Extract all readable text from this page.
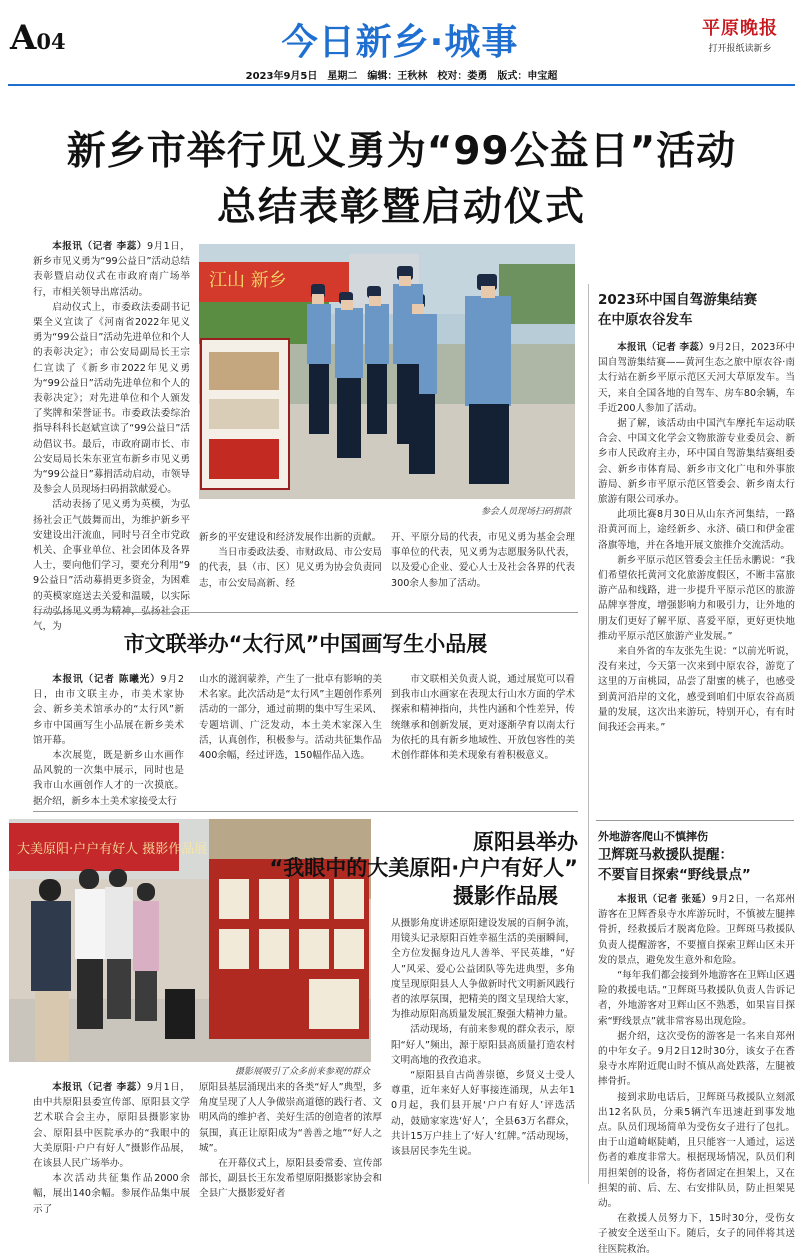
A04	今日新乡·城事	平原晚报
打开报纸读新乡
2023年9月5日　星期二　编辑：王秋林　校对：娄勇　版式：申宝超
新乡市举行见义勇为“99公益日”活动
总结表彰暨启动仪式

本报讯（记者 李蕊）9月1日，新乡市见义勇为“99公益日”活动总结表彰暨启动仪式在市政府南广场举行，市相关领导出席活动。

启动仪式上，市委政法委副书记栗全义宣读了《河南省2022年见义勇为“99公益日”活动先进单位和个人的表彰决定》；市公安局副局长王宗仁宣读了《新乡市2022年见义勇为“99公益日”活动先进单位和个人的表彰决定》；对先进单位和个人颁发了奖牌和荣誉证书。市委政法委综治指导科科长赵斌宣读了“99公益日”活动倡议书。最后，市政府副市长、市公安局局长朱东亚宣布新乡市见义勇为“99公益日”募捐活动启动，市领导及参会人员现场扫码捐款献爱心。

活动表扬了见义勇为英模，为弘扬社会正气鼓舞而出，为维护新乡平安建设出汗流血，同时号召全市党政机关、企事业单位、社会团体及各界人士，要向他们学习，要充分利用“99公益日”活动募捐更多资金，为困难的英模家庭送去关爱和温暖，以实际 气，为

江山 新乡
参会人员现场扫码捐款

新乡的平安建设和经济发展作出新的贡献。

当日市委政法委、市财政局、市公安局的代表，县（市、区）见义勇为协会负责同志，市公安局高新、经

开、平原分局的代表，市见义勇为基金会理事单位的代表，见义勇为志愿服务队代表，以及爱心企业、爱心人士及社会各界的代表300余人参加了活动。

市文联举办“太行风”中国画写生小品展

本报讯（记者 陈曦光）9月2日，由市文联主办，市美术家协会、新乡美术馆承办的“太行风”新乡市中国画写生小品展在新乡美术馆开幕。

本次展览，既是新乡山水画作品风貌的一次集中展示，同时也是我市山水画创作人才的一次摸底。据介绍，新乡本土美术家接受太行

山水的滋润蒙养，产生了一批卓有影响的美术名家。此次活动是“太行风”主题创作系列活动的一部分，通过前期的集中写生采风、专题培训、广泛发动，本土美术家深入生活，认真创作，积极参与。活动共征集作品400余幅，经过评选，150幅作品入选。

市文联相关负责人说，通过展览可以看到我市山水画家在表现太行山水方面的学术探索和精神指向，共性内涵和个性差异，传统继承和创新发展，更对逐渐孕育以南太行为依托的具有新乡地域性、开放包容性的美术创作群体和美术现象有着积极意义。

大美原阳·户户有好人 摄影作品展
摄影展吸引了众多前来参观的群众
原阳县举办
“我眼中的大美原阳·户户有好人”
摄影作品展

从摄影角度讲述原阳建设发展的百舸争流，用镜头记录原阳百姓幸福生活的美丽瞬间，全方位发掘身边凡人善举、平民英雄，“好人”风采、爱心公益团队等先进典型，多角度呈现原阳县人人争做新时代文明新风践行者的浓厚氛围，把精美的图文呈现给大家，为推动原阳高质量发展汇聚强大精神力量。

活动现场，有前来参观的群众表示，原阳“好人”频出，源于原阳县高质量打造农村文明高地的孜孜追求。

“原阳县自古尚善崇德，乡贤义士受人尊重，近年来好人好事接连涌现，从去年10月起，我们县开展‘户户有好人’评选活动，鼓励家家选‘好人’，全县63万名群众，共计15万户挂上了‘好人’红牌。”活动现场，该县居民李先生说。

本报讯（记者 李蕊）9月1日，由中共原阳县委宣传部、原阳县文学艺术联合会主办，原阳县摄影家协会、原阳县中医院承办的“我眼中的大美原阳·户户有好人”摄影作品展，在该县人民广场举办。

本次活动共征集作品2000余幅，展出140余幅。参展作品集中展示了

原阳县基层涌现出来的各类“好人”典型，多角度呈现了人人争做崇高道德的践行者、文明风尚的维护者、美好生活的创造者的浓厚氛围，真正让原阳成为“善善之地”“好人之城”。

在开幕仪式上，原阳县委常委、宣传部部长，副县长王东发希望原阳摄影家协会和全县广大摄影爱好者

2023环中国自驾游集结赛
在中原农谷发车

本报讯（记者 李蕊）9月2日，2023环中国自驾游集结赛——黄河生态之旅中原农谷·南太行站在新乡平原示范区天河大草原发车。当天，来自全国各地的自驾车、房车80余辆，车手近200人参加了活动。

据了解，该活动由中国汽车摩托车运动联合会、中国文化学会文物旅游专业委员会、新乡市人民政府主办，环中国自驾游集结赛组委会、新乡市体育局、新乡市文化广电和外事旅游局、新乡市平原示范区管委会、新乡南太行旅游有限公司承办。

此项比赛8月30日从山东齐河集结，一路沿黄河而上，途经新乡、永济、碛口和伊金霍洛旗等地，并在各地开展文旅推介交流活动。

新乡平原示范区管委会主任岳永鹏说：“我们希望依托黄河文化旅游度假区，不断丰富旅游产品和线路，进一步提升平原示范区的旅游品牌享誉度，增强影响力和吸引力，让外地的朋友们更好了解平原、喜爱平原，更好更快地推动平原示范区旅游产业发展。”

来自外省的车友张先生说：“以前光听说，没有来过，今天第一次来到中原农谷，游览了这里的万亩桃园，品尝了甜蜜的桃子，也感受到黄河沿岸的文化，感受到咱们中原农谷高质量的发展，这次出来游玩，特别开心，有有时间我还会再来。”

外地游客爬山不慎摔伤
卫辉斑马救援队提醒：
不要盲目探索“野线景点”

本报讯（记者 张延）9月2日，一名郑州游客在卫辉香泉寺水库游玩时，不慎被左腿摔骨折，经救援后才脱离危险。卫辉斑马救援队负责人提醒游客，不要擅自探索卫辉山区未开发的景点，避免发生意外和危险。

“每年我们都会接到外地游客在卫辉山区遇险的救援电话。”卫辉斑马救援队负责人告诉记者，外地游客对卫辉山区不熟悉，如果盲目探索“野线景点”就非常容易出现危险。

据介绍，这次受伤的游客是一名来自郑州的中年女子。9月2日12时30分，该女子在香泉寺水库附近爬山时不慎从高处跌落，左腿被摔骨折。

接到求助电话后，卫辉斑马救援队立刻派出12名队员，分乘5辆汽车迅速赶到事发地点。队员们现场简单为受伤女子进行了包扎。由于山道崎岖陡峭，且只能容一人通过，运送伤者的难度非常大。根据现场情况，队员们利用担架创的设备，将伤者固定在担架上，又在担架的前、后、左、右安排队员，防止担架晃动。

在救援人员努力下，15时30分，受伤女子被安全送至山下。随后，女子的同伴将其送往医院救治。
